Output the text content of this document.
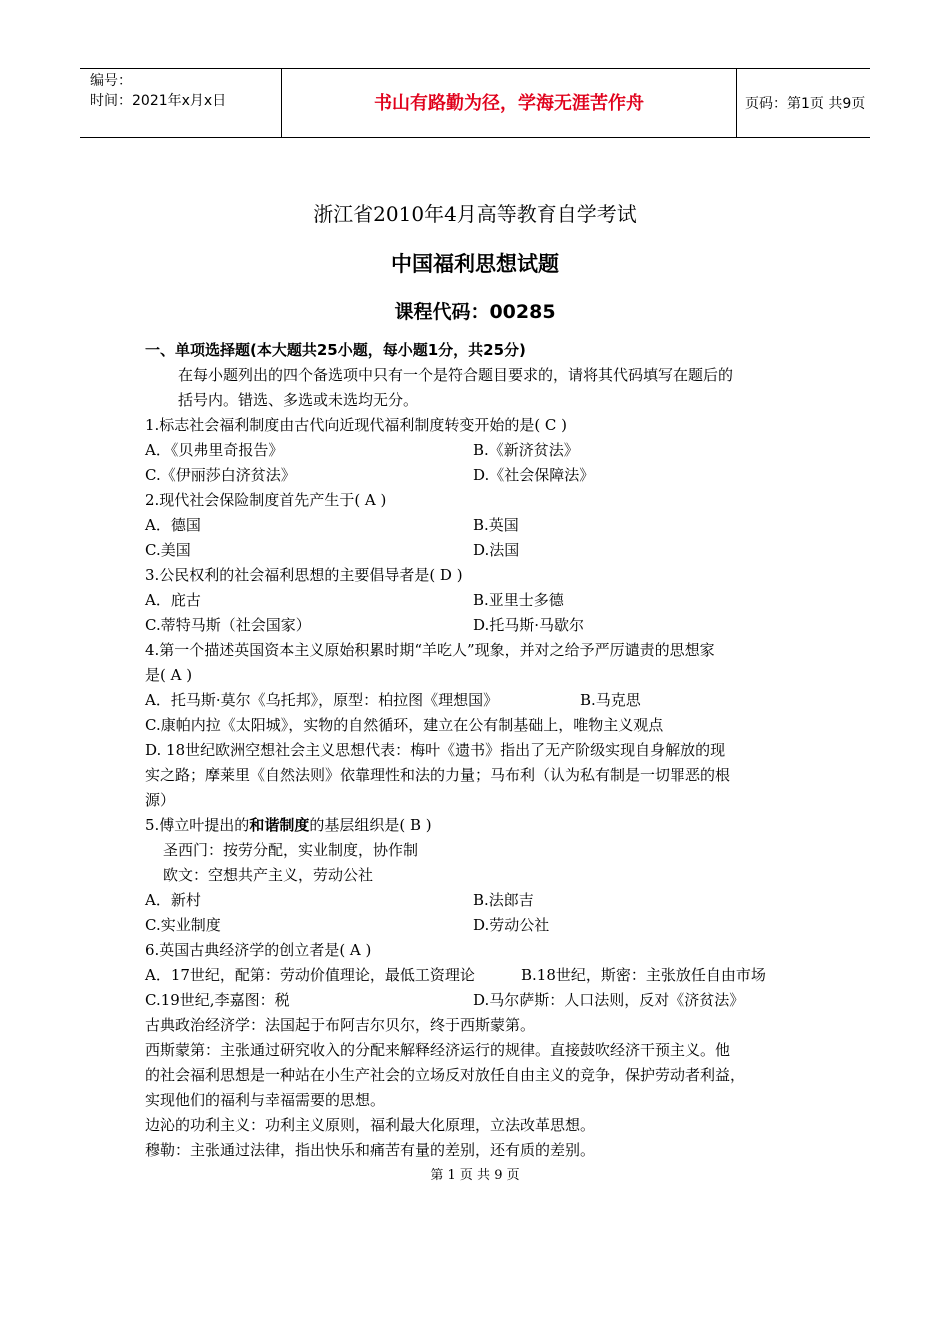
编号：
时间：2021年x月x日	书山有路勤为径，学海无涯苦作舟	页码：第1页 共9页
浙江省2010年4月高等教育自学考试
中国福利思想试题
课程代码：00285
一、单项选择题(本大题共25小题，每小题1分，共25分)
在每小题列出的四个备选项中只有一个是符合题目要求的，请将其代码填写在题后的
括号内。错选、多选或未选均无分。
1.标志社会福利制度由古代向近现代福利制度转变开始的是( C )
A．《贝弗里奇报告》	B.《新济贫法》
C.《伊丽莎白济贫法》	D.《社会保障法》
2.现代社会保险制度首先产生于( A )
A．德国	B.英国
C.美国	D.法国
3.公民权利的社会福利思想的主要倡导者是( D )
A．庇古	B.亚里士多德
C.蒂特马斯（社会国家）	D.托马斯·马歇尔
4.第一个描述英国资本主义原始积累时期“羊吃人”现象，并对之给予严厉谴责的思想家
是( A )
A．托马斯·莫尔《乌托邦》，原型：柏拉图《理想国》	B.马克思
C.康帕内拉《太阳城》，实物的自然循环，建立在公有制基础上，唯物主义观点
D. 18世纪欧洲空想社会主义思想代表：梅叶《遗书》指出了无产阶级实现自身解放的现
实之路；摩莱里《自然法则》依靠理性和法的力量；马布利（认为私有制是一切罪恶的根
源）
5.傅立叶提出的和谐制度的基层组织是( B )
圣西门：按劳分配，实业制度，协作制
欧文：空想共产主义，劳动公社
A．新村	B.法郎吉
C.实业制度	D.劳动公社
6.英国古典经济学的创立者是( A )
A．17世纪，配第：劳动价值理论，最低工资理论	B.18世纪，斯密：主张放任自由市场
C.19世纪,李嘉图：税	D.马尔萨斯：人口法则，反对《济贫法》
古典政治经济学：法国起于布阿吉尔贝尔，终于西斯蒙第。
西斯蒙第：主张通过研究收入的分配来解释经济运行的规律。直接鼓吹经济干预主义。他
的社会福利思想是一种站在小生产社会的立场反对放任自由主义的竞争，保护劳动者利益，
实现他们的福利与幸福需要的思想。
边沁的功利主义：功利主义原则，福利最大化原理，立法改革思想。
穆勒：主张通过法律，指出快乐和痛苦有量的差别，还有质的差别。
第 1 页 共 9 页
